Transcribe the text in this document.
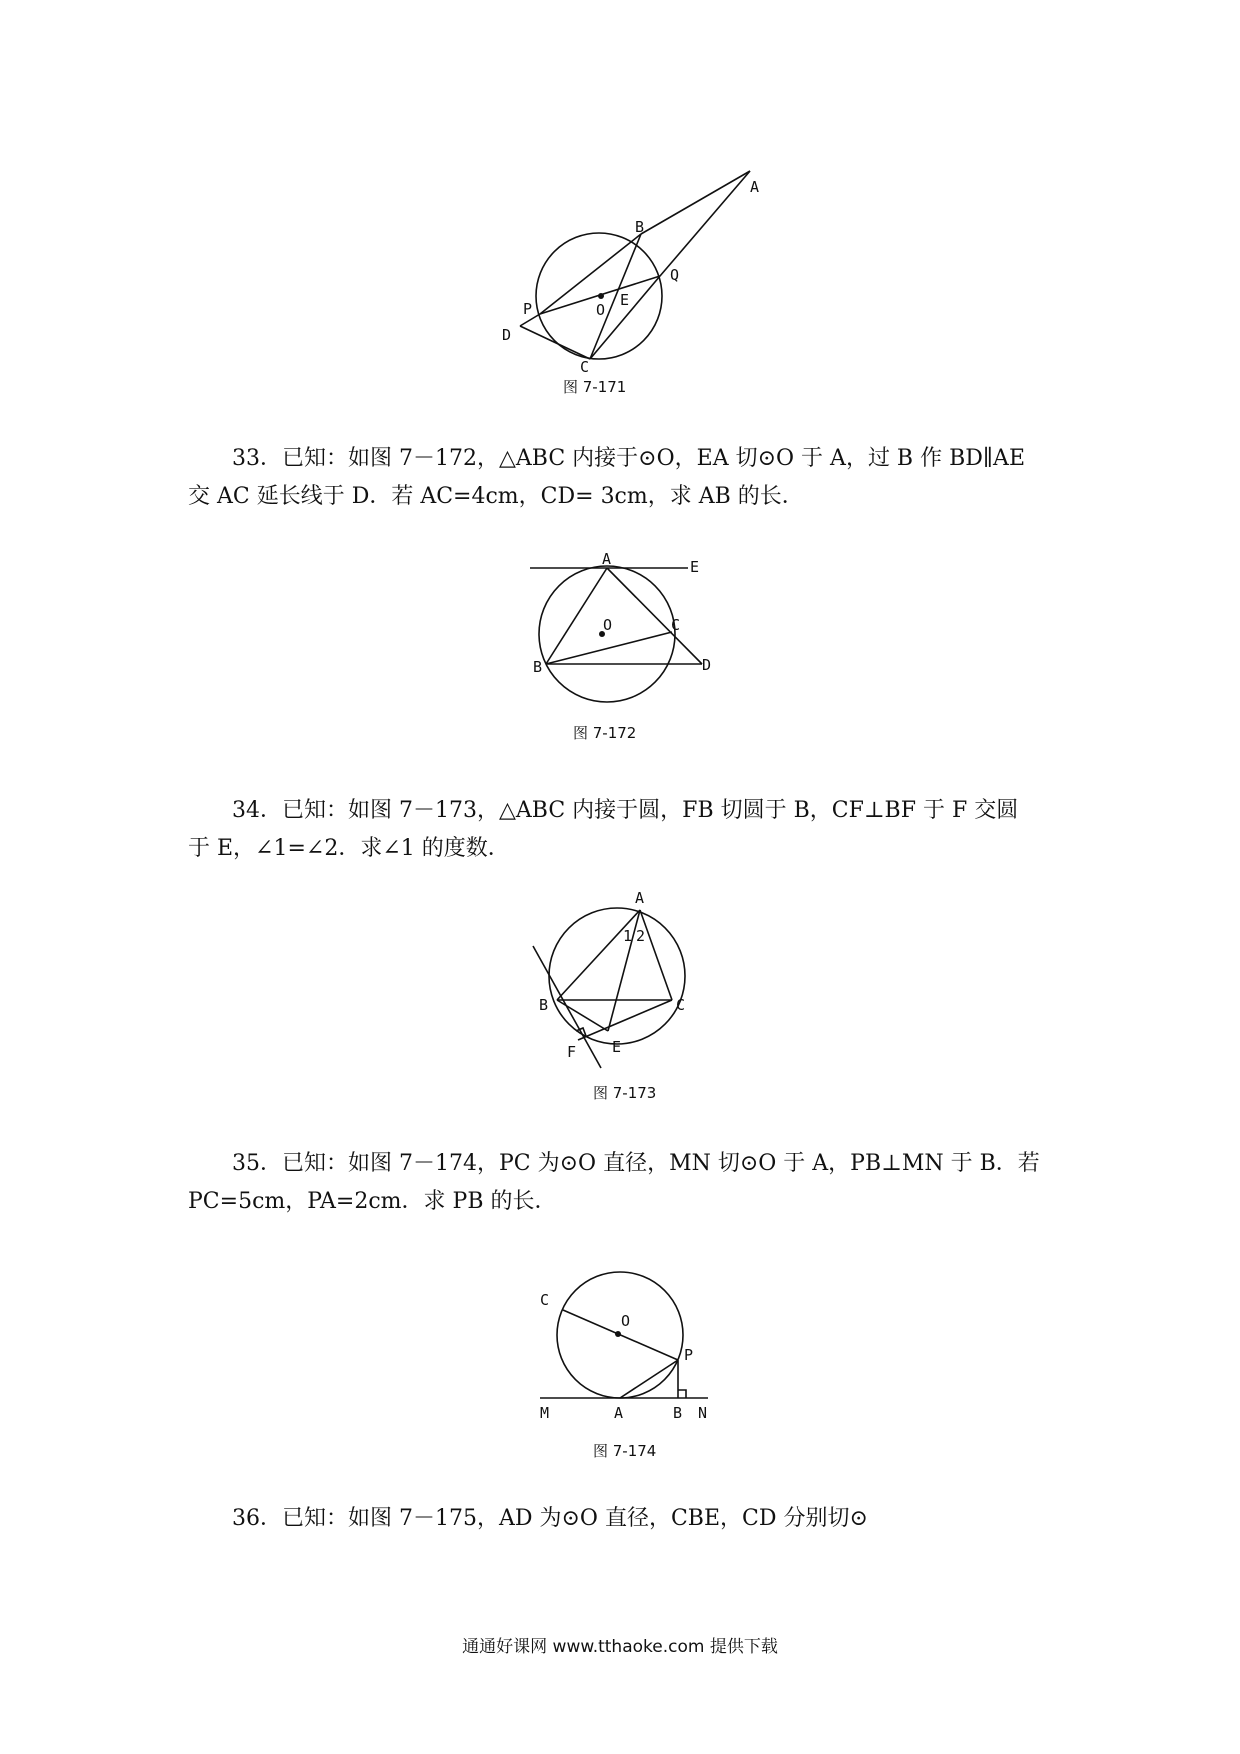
A
B
Q
P	O
E
D
C
图 7-171

33．已知：如图 7－172，△ABC 内接于⊙O，EA 切⊙O 于 A，过 B 作 BD∥AE
交 AC 延长线于 D．若 AC=4cm，CD= 3cm，求 AB 的长．

A	E
O	C
B	D
图 7-172

34．已知：如图 7－173，△ABC 内接于圆，FB 切圆于 B，CF⊥BF 于 F 交圆
于 E，∠1=∠2．求∠1 的度数．

A
1 2
B	C
E
F
图 7-173

35．已知：如图 7－174，PC 为⊙O 直径，MN 切⊙O 于 A，PB⊥MN 于 B．若
PC=5cm，PA=2cm．求 PB 的长．

C
O
P
M	A	B N
图 7-174

36．已知：如图 7－175，AD 为⊙O 直径，CBE，CD 分别切⊙

通通好课网 www.tthaoke.com 提供下载
